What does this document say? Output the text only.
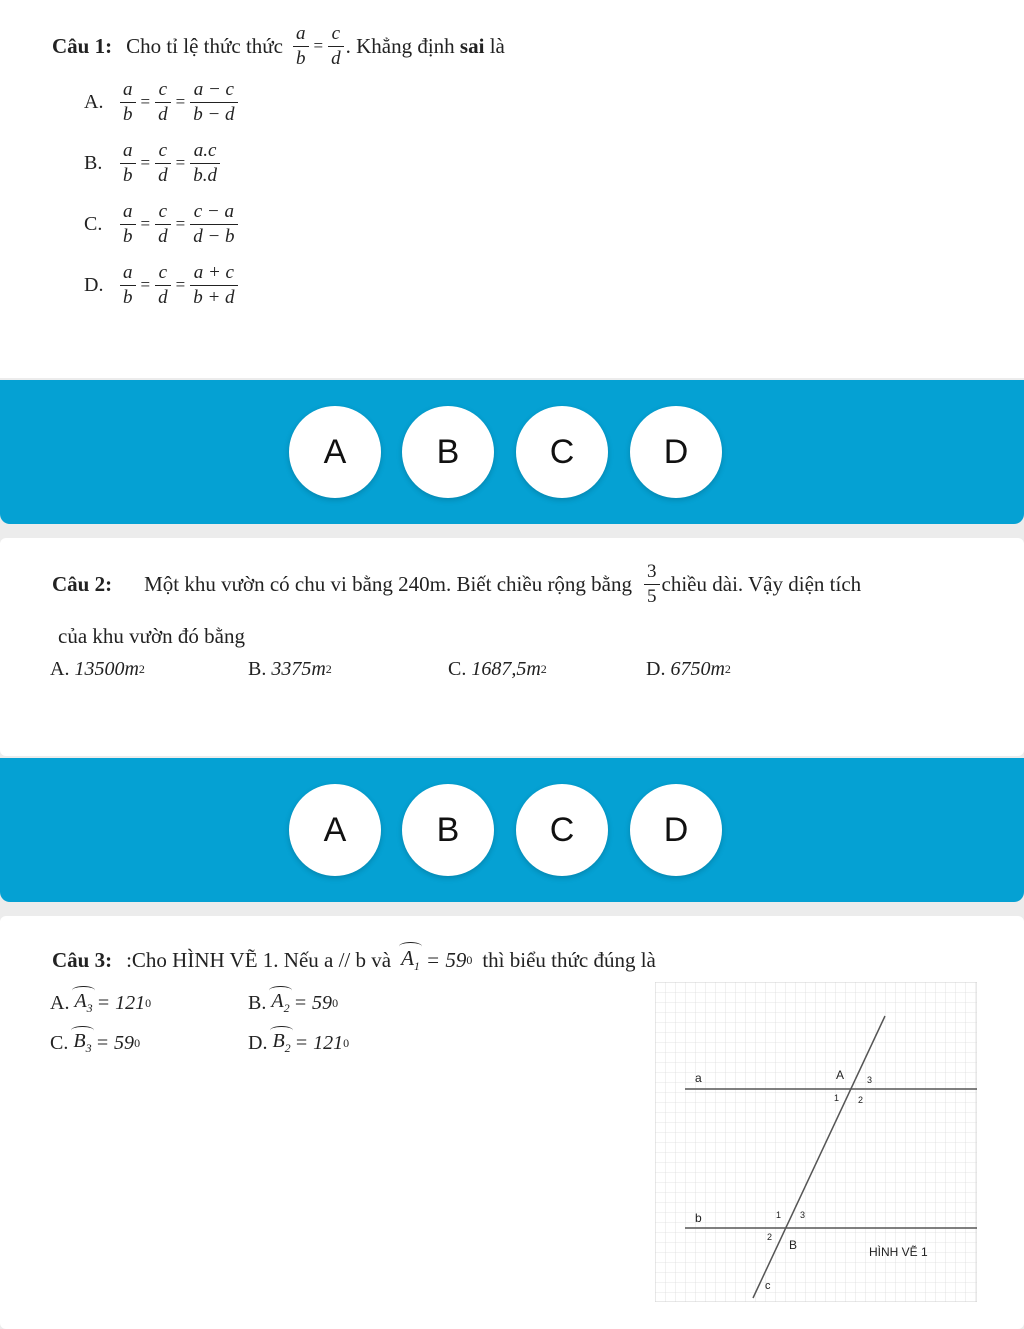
Câu 1: Cho tỉ lệ thức thức $\frac{a}{b} = \frac{c}{d}$ . Khẳng định
sai
là
A. $\frac{a}{b} = \frac{c}{d} = \frac{a - c}{b - d}$
B. $\frac{a}{b} = \frac{c}{d} = \frac{a.c}{b.d}$
C. $\frac{a}{b} = \frac{c}{d} = \frac{c - a}{d - b}$
D. $\frac{a}{b} = \frac{c}{d} = \frac{a + c}{b + d}$
A	B	C	D
Câu 2: Một khu vườn có chu vi bằng 240m. Biết chiều rộng bằng $\frac{3}{5}$ chiều dài. Vậy diện tích
của khu vườn đó bằng
A.
13500m 2	B.
3375m 2	C.
1687,5m 2	D.
6750m 2
A	B	C	D
Câu 3: :Cho HÌNH VẼ 1. Nếu a // b và $A_1 = 59$ 0 thì biểu thức đúng là
A.
$A_3 = 121$ 0	B.
$A_2 = 59$ 0
C.
$B_3 = 59$ 0	D.
$B_2 = 121$ 0
a
b
c
A
B
1 2
3
1
2
3
HÌNH VẼ 1
